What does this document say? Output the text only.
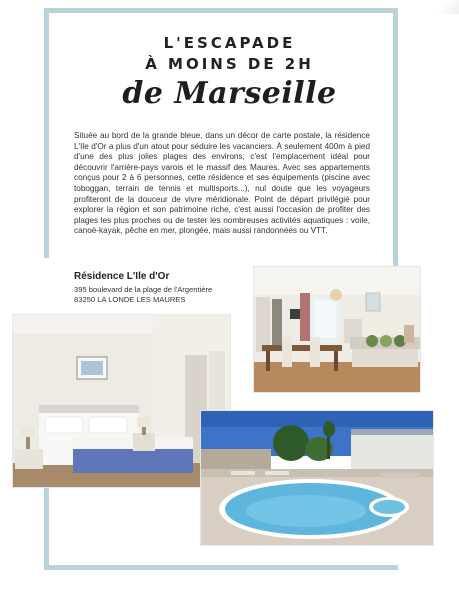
L'ESCAPADE
À MOINS DE 2H
de Marseille
Située au bord de la grande bleue, dans un décor de carte postale, la résidence L'Ile d'Or a plus d'un atout pour séduire les vacanciers. À seulement 400m à pied d'une des plus jolies plages des environs, c'est l'emplacement idéal pour découvrir l'arrière-pays varois et le massif des Maures. Avec ses appartements conçus pour 2 à 6 personnes, cette résidence et ses équipements (piscine avec toboggan, terrain de tennis et multisports...), nul doute que les voyageurs profiteront de la douceur de vivre méridionale. Point de départ privilégié pour explorer la région et son patrimoine riche, c'est aussi l'occasion de profiter des plages les plus proches ou de tester les nombreuses activités aquatiques : voile, canoë-kayak, pêche en mer, plongée, mais aussi randonnées ou VTT.
Résidence L'Ile d'Or
395 boulevard de la plage de l'Argentière
83250 LA LONDE LES MAURES
